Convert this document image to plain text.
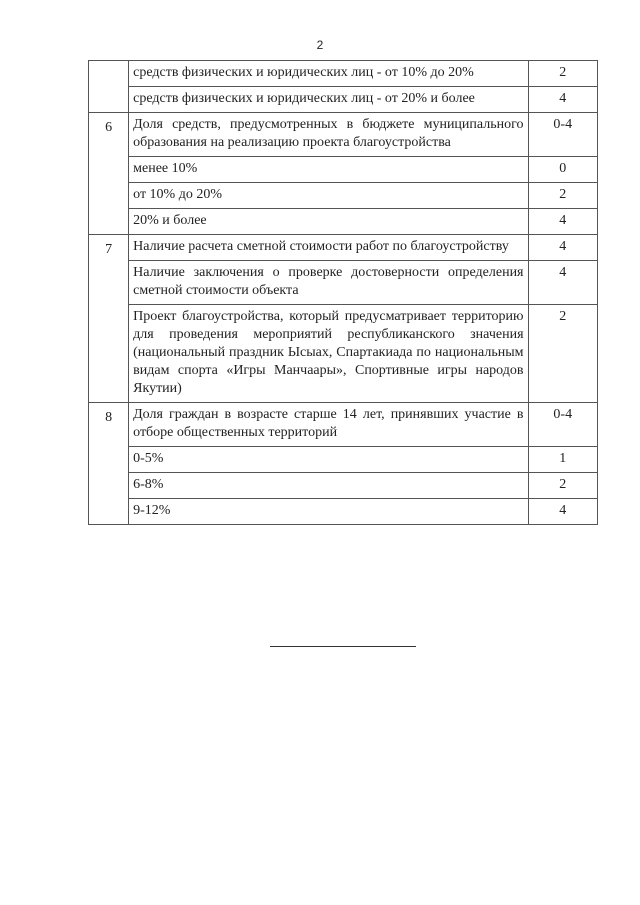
2
	средств физических и юридических лиц - от 10% до 20%	2
	средств физических и юридических лиц - от 20% и более	4
6	Доля средств, предусмотренных в бюджете муниципального образования на реализацию проекта благоустройства	0-4
	менее 10%	0
	от 10% до 20%	2
	20% и более	4
7	Наличие расчета сметной стоимости работ по благоустройству	4
	Наличие заключения о проверке достоверности определения сметной стоимости объекта	4
	Проект благоустройства, который предусматривает территорию для проведения мероприятий республиканского значения (национальный праздник Ысыах, Спартакиада по национальным видам спорта «Игры Манчаары», Спортивные игры народов Якутии)	2
8	Доля граждан в возрасте старше 14 лет, принявших участие в отборе общественных территорий	0-4
	0-5%	1
	6-8%	2
	9-12%	4
